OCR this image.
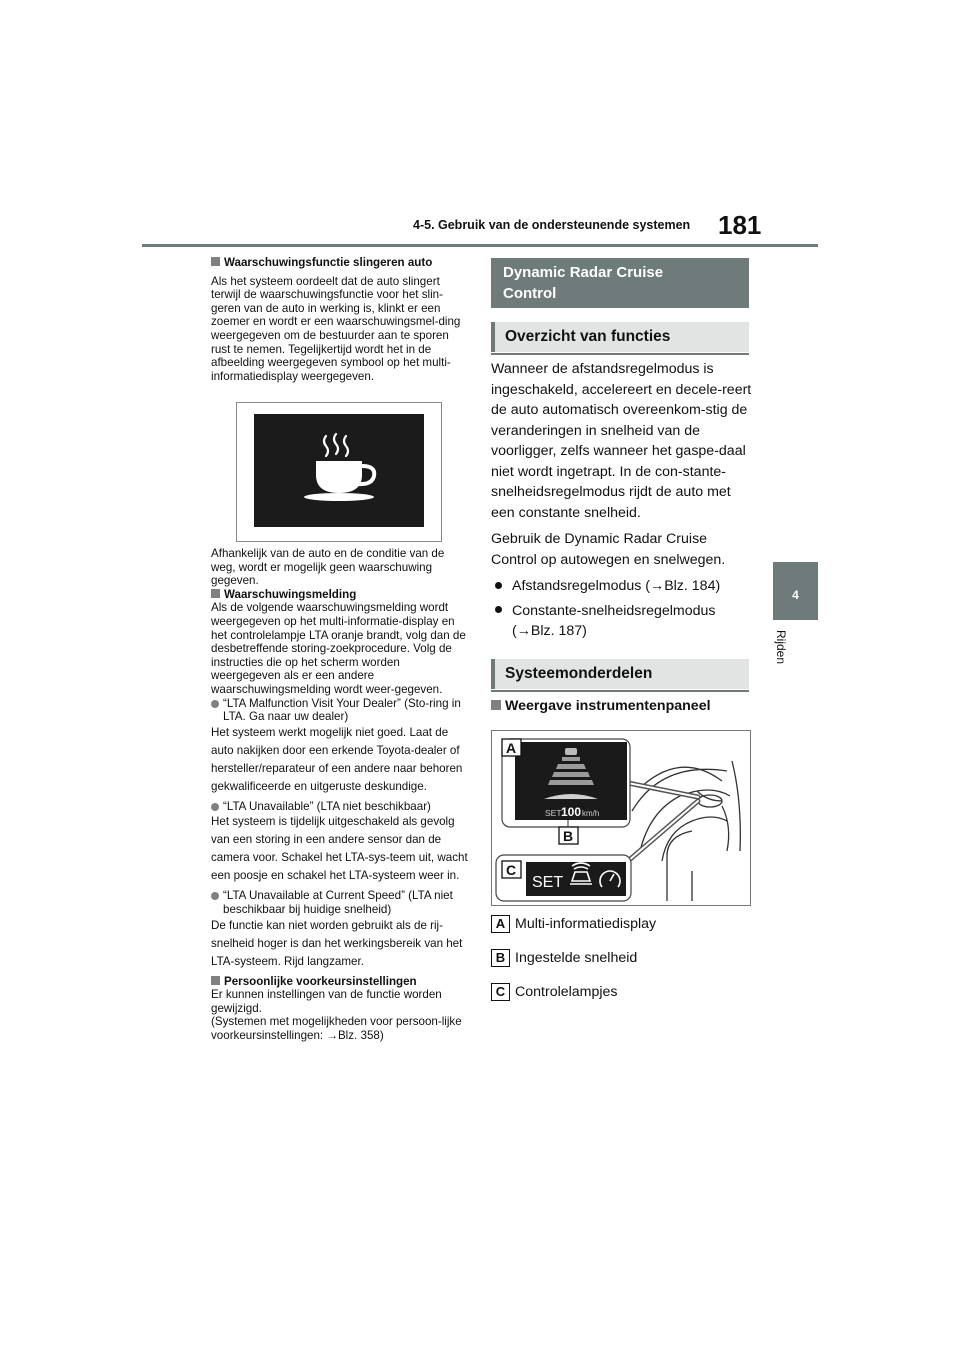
4-5. Gebruik van de ondersteunende systemen 181
4
Rijden
Waarschuwingsfunctie slingeren auto
Als het systeem oordeelt dat de auto slingert terwijl de waarschuwingsfunctie voor het slin-geren van de auto in werking is, klinkt er een zoemer en wordt er een waarschuwingsmel-ding weergegeven om de bestuurder aan te sporen rust te nemen. Tegelijkertijd wordt het in de afbeelding weergegeven symbool op het multi-informatiedisplay weergegeven.
Afhankelijk van de auto en de conditie van de weg, wordt er mogelijk geen waarschuwing gegeven.
Waarschuwingsmelding
Als de volgende waarschuwingsmelding wordt weergegeven op het multi-informatie-display en het controlelampje LTA oranje brandt, volg dan de desbetreffende storing-zoekprocedure. Volg de instructies die op het scherm worden weergegeven als er een andere waarschuwingsmelding wordt weer-gegeven.
“LTA Malfunction Visit Your Dealer” (Sto-ring in LTA. Ga naar uw dealer)
Het systeem werkt mogelijk niet goed. Laat de auto nakijken door een erkende Toyota-dealer of hersteller/reparateur of een andere naar behoren gekwalificeerde en uitgeruste deskundige.
“LTA Unavailable” (LTA niet beschikbaar)
Het systeem is tijdelijk uitgeschakeld als gevolg van een storing in een andere sensor dan de camera voor. Schakel het LTA-sys-teem uit, wacht een poosje en schakel het LTA-systeem weer in.
“LTA Unavailable at Current Speed” (LTA niet beschikbaar bij huidige snelheid)
De functie kan niet worden gebruikt als de rij-snelheid hoger is dan het werkingsbereik van het LTA-systeem. Rijd langzamer.
Persoonlijke voorkeursinstellingen
Er kunnen instellingen van de functie worden gewijzigd.
(Systemen met mogelijkheden voor persoon-lijke voorkeursinstellingen: →Blz. 358)
Dynamic Radar Cruise Control
Overzicht van functies
Wanneer de afstandsregelmodus is ingeschakeld, accelereert en decele-reert de auto automatisch overeenkom-stig de veranderingen in snelheid van de voorligger, zelfs wanneer het gaspe-daal niet wordt ingetrapt. In de con-stante-snelheidsregelmodus rijdt de auto met een constante snelheid.
Gebruik de Dynamic Radar Cruise Control op autowegen en snelwegen.
Afstandsregelmodus (→Blz. 184)
Constante-snelheidsregelmodus
(→Blz. 187)
Systeemonderdelen
Weergave instrumentenpaneel
SET 100 km/h
A
B
SET
C
A Multi-informatiedisplay
B Ingestelde snelheid
C Controlelampjes
